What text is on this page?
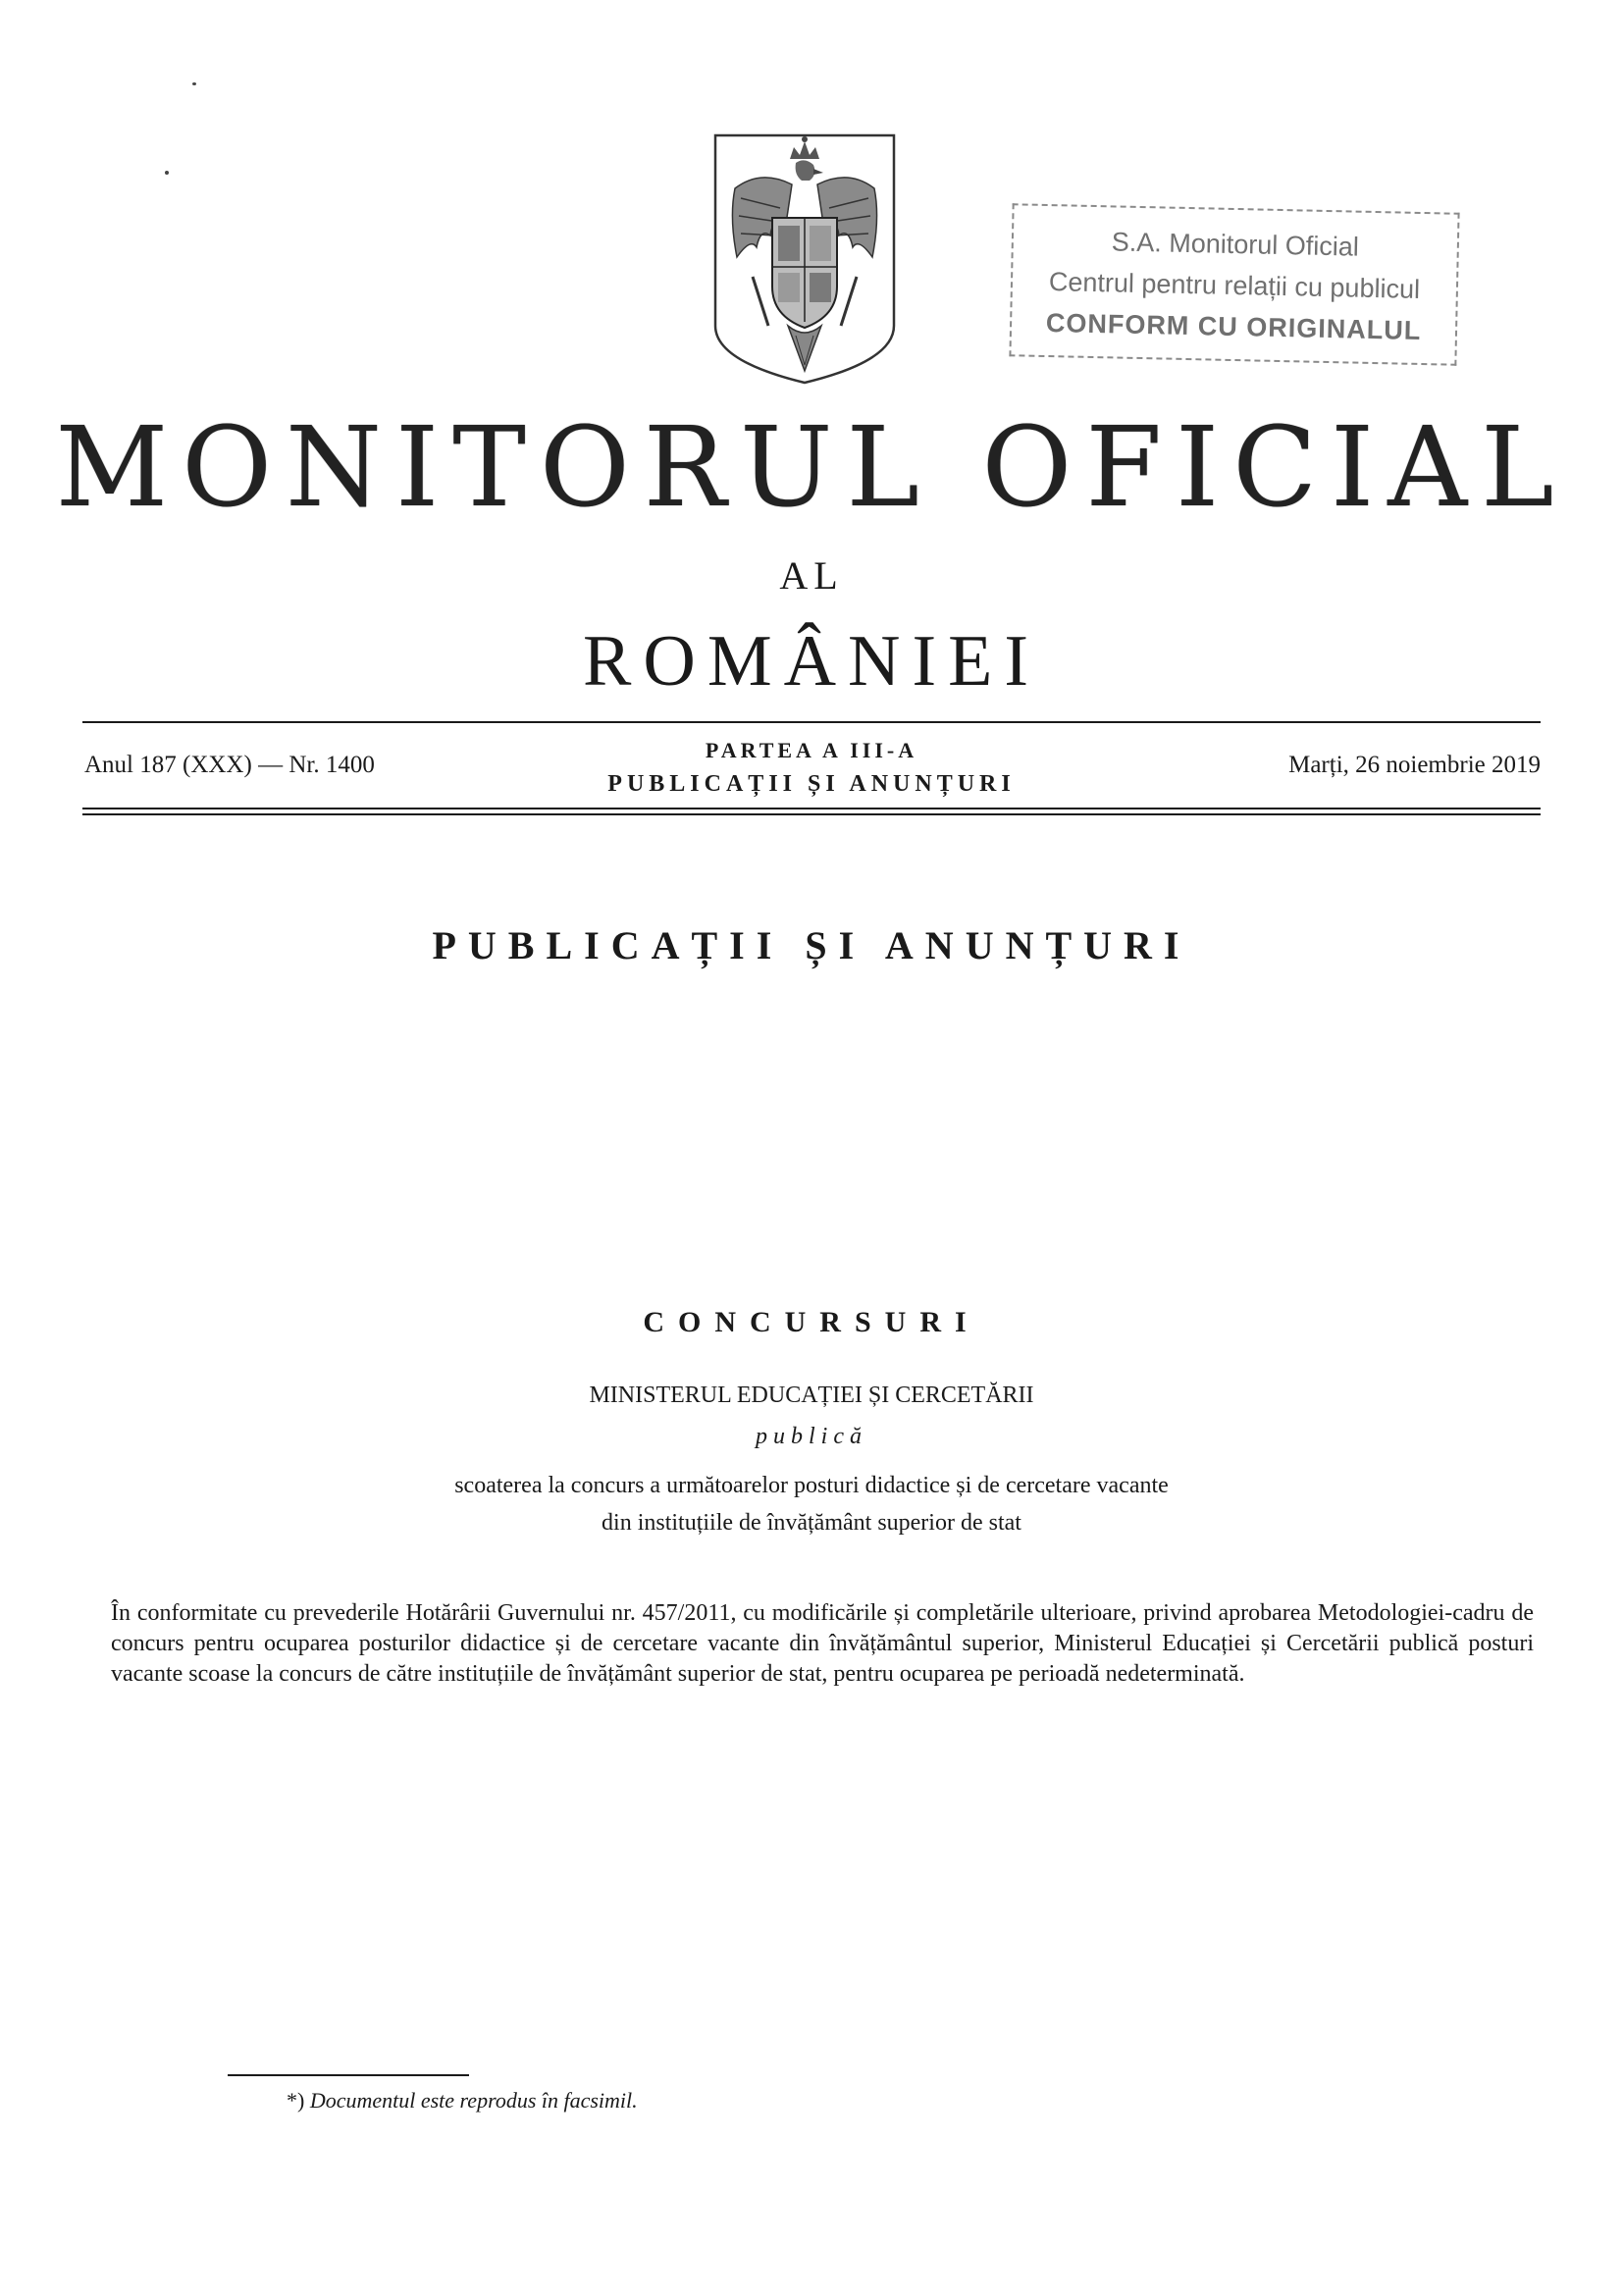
S.A. Monitorul Oficial
Centrul pentru relații cu publicul
CONFORM CU ORIGINALUL
MONITORUL OFICIAL
AL
ROMÂNIEI
Anul 187 (XXX) — Nr. 1400
PARTEA A III-A
PUBLICAȚII ȘI ANUNȚURI
Marți, 26 noiembrie 2019
PUBLICAȚII ȘI ANUNȚURI
CONCURSURI
MINISTERUL EDUCAȚIEI ȘI CERCETĂRII
publică
scoaterea la concurs a următoarelor posturi didactice și de cercetare vacante
din instituțiile de învățământ superior de stat
În conformitate cu prevederile Hotărârii Guvernului nr. 457/2011, cu modificările și completările ulterioare, privind aprobarea Metodologiei-cadru de concurs pentru ocuparea posturilor didactice și de cercetare vacante din învățământul superior, Ministerul Educației și Cercetării publică posturi vacante scoase la concurs de către instituțiile de învățământ superior de stat, pentru ocuparea pe perioadă nedeterminată.
*) Documentul este reprodus în facsimil.
